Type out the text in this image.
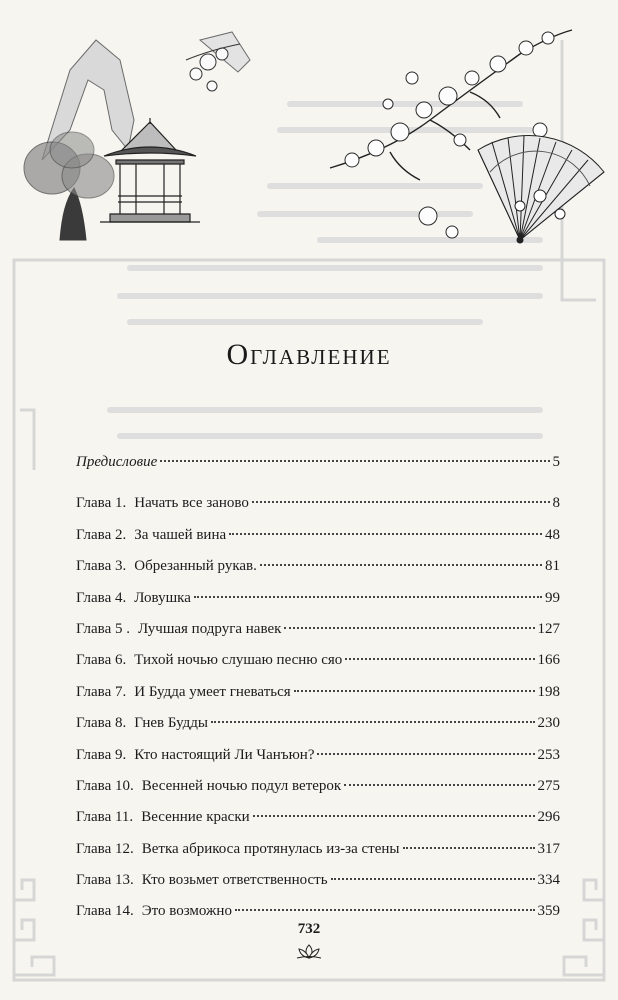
Оглавление
Предисловие	5
Глава 1. Начать все заново	8
Глава 2. За чашей вина	48
Глава 3. Обрезанный рукав.	81
Глава 4. Ловушка	99
Глава 5 . Лучшая подруга навек	127
Глава 6. Тихой ночью слушаю песню сяо	166
Глава 7. И Будда умеет гневаться	198
Глава 8. Гнев Будды	230
Глава 9. Кто настоящий Ли Чанъюн?	253
Глава 10. Весенней ночью подул ветерок	275
Глава 11. Весенние краски	296
Глава 12. Ветка абрикоса протянулась из-за стены	317
Глава 13. Кто возьмет ответственность	334
Глава 14. Это возможно	359
732
